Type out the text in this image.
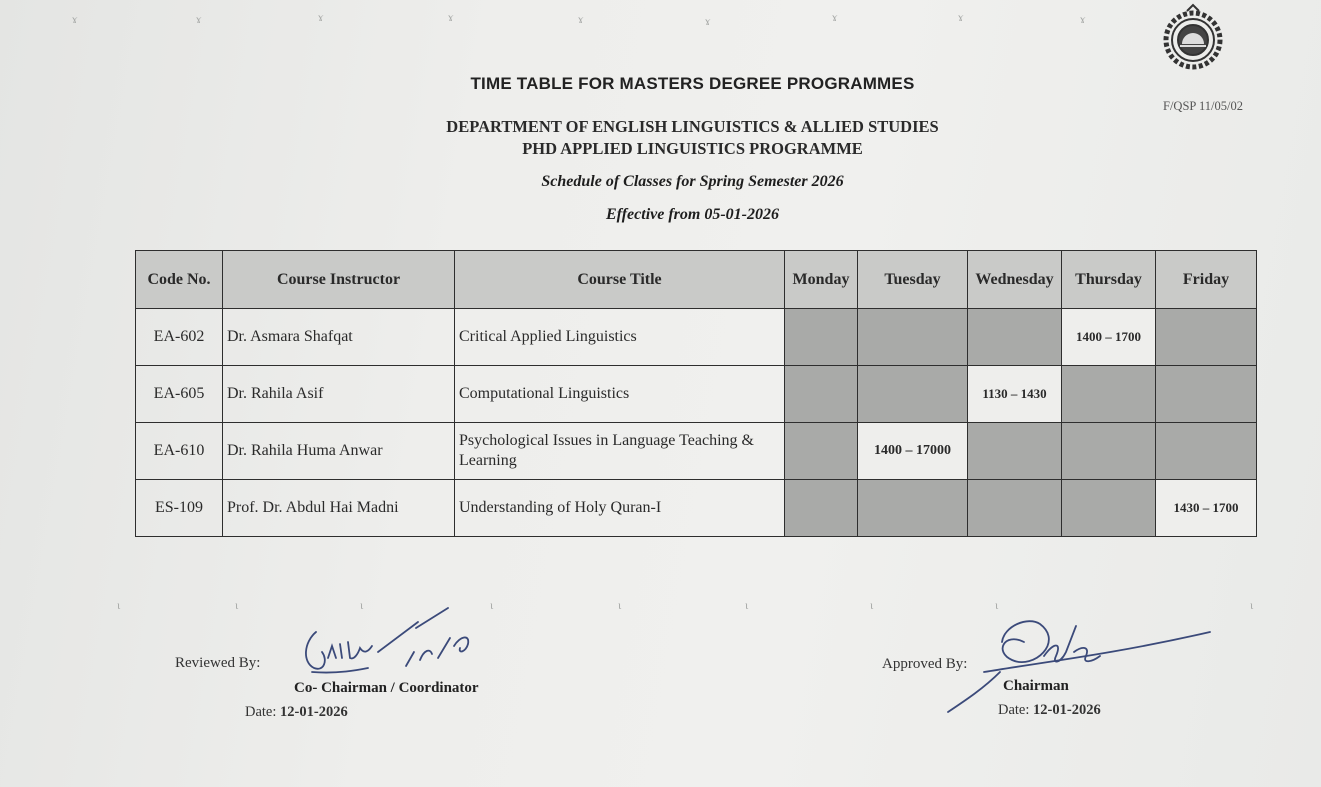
ɤ	ɤ	ɤ	ɤ	ɤ	ɤ	ɤ	ɤ	ɤ
ɩ	ɩ	ɩ	ɩ	ɩ	ɩ	ɩ	ɩ	ɩ
F/QSP 11/05/02
TIME TABLE FOR MASTERS DEGREE PROGRAMMES
DEPARTMENT OF ENGLISH LINGUISTICS & ALLIED STUDIES
PHD APPLIED LINGUISTICS PROGRAMME
Schedule of Classes for Spring Semester 2026
Effective from 05-01-2026
Code No.	Course Instructor	Course Title	Monday	Tuesday	Wednesday	Thursday	Friday
EA-602	Dr. Asmara Shafqat	Critical Applied Linguistics				1400 – 1700	
EA-605	Dr. Rahila Asif	Computational Linguistics			1130 – 1430		
EA-610	Dr. Rahila Huma Anwar	Psychological Issues in Language Teaching & Learning		1400 – 17000			
ES-109	Prof. Dr. Abdul Hai Madni	Understanding of Holy Quran-I					1430 – 1700
Reviewed By:
Co- Chairman / Coordinator
Date: 12-01-2026
Approved By:
Chairman
Date: 12-01-2026
